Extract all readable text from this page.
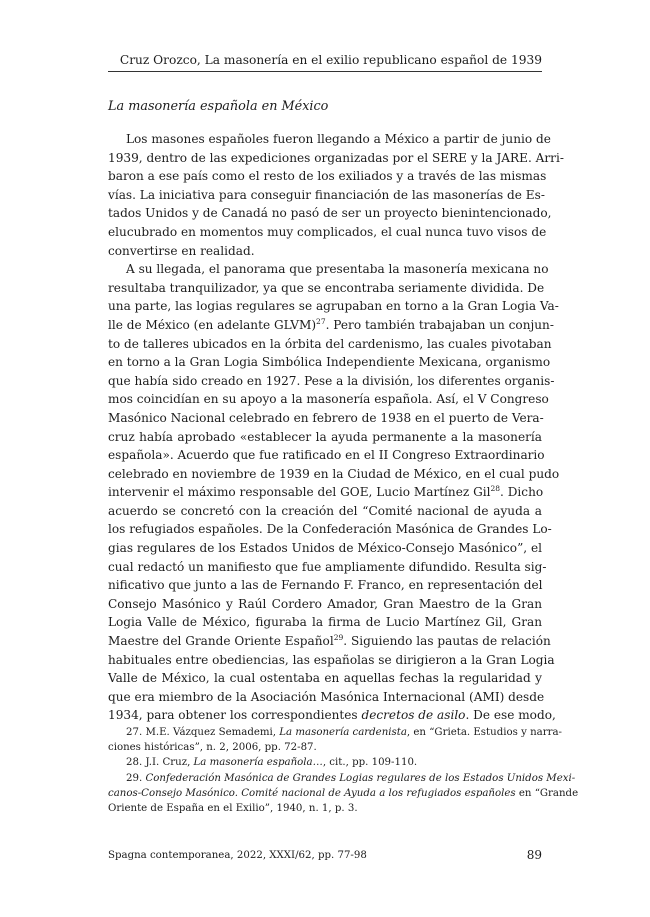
Cruz Orozco, La masonería en el exilio republicano español de 1939
La masonería española en México
Los masones españoles fueron llegando a México a partir de junio de
1939, dentro de las expediciones organizadas por el SERE y la JARE. Arri-
baron a ese país como el resto de los exiliados y a través de las mismas
vías. La iniciativa para conseguir financiación de las masonerías de Es-
tados Unidos y de Canadá no pasó de ser un proyecto bienintencionado,
elucubrado en momentos muy complicados, el cual nunca tuvo visos de
convertirse en realidad.
A su llegada, el panorama que presentaba la masonería mexicana no
resultaba tranquilizador, ya que se encontraba seriamente dividida. De
una parte, las logias regulares se agrupaban en torno a la Gran Logia Va-
lle de México (en adelante GLVM)$^{27}$. Pero también trabajaban un conjun-
to de talleres ubicados en la órbita del cardenismo, las cuales pivotaban
en torno a la Gran Logia Simbólica Independiente Mexicana, organismo
que había sido creado en 1927. Pese a la división, los diferentes organis-
mos coincidían en su apoyo a la masonería española. Así, el V Congreso
Masónico Nacional celebrado en febrero de 1938 en el puerto de Vera-
cruz había aprobado «establecer la ayuda permanente a la masonería
española». Acuerdo que fue ratificado en el II Congreso Extraordinario
celebrado en noviembre de 1939 en la Ciudad de México, en el cual pudo
intervenir el máximo responsable del GOE, Lucio Martínez Gil$^{28}$. Dicho
acuerdo se concretó con la creación del “Comité nacional de ayuda a
los refugiados españoles. De la Confederación Masónica de Grandes Lo-
gias regulares de los Estados Unidos de México-Consejo Masónico”, el
cual redactó un manifiesto que fue ampliamente difundido. Resulta sig-
nificativo que junto a las de Fernando F. Franco, en representación del
Consejo Masónico y Raúl Cordero Amador, Gran Maestro de la Gran
Logia Valle de México, figuraba la firma de Lucio Martínez Gil, Gran
Maestre del Grande Oriente Español$^{29}$. Siguiendo las pautas de relación
habituales entre obediencias, las españolas se dirigieron a la Gran Logia
Valle de México, la cual ostentaba en aquellas fechas la regularidad y
que era miembro de la Asociación Masónica Internacional (AMI) desde
1934, para obtener los correspondientes decretos de asilo. De ese modo,
27. M.E. Vázquez Semademi, La masonería cardenista, en “Grieta. Estudios y narra-
ciones históricas”, n. 2, 2006, pp. 72-87.
28. J.I. Cruz, La masonería española…, cit., pp. 109-110.
29. Confederación Masónica de Grandes Logias regulares de los Estados Unidos Mexi-
canos-Consejo Masónico. Comité nacional de Ayuda a los refugiados españoles en “Grande
Oriente de España en el Exilio”, 1940, n. 1, p. 3.
Spagna contemporanea, 2022, XXXI/62, pp. 77-98	89
